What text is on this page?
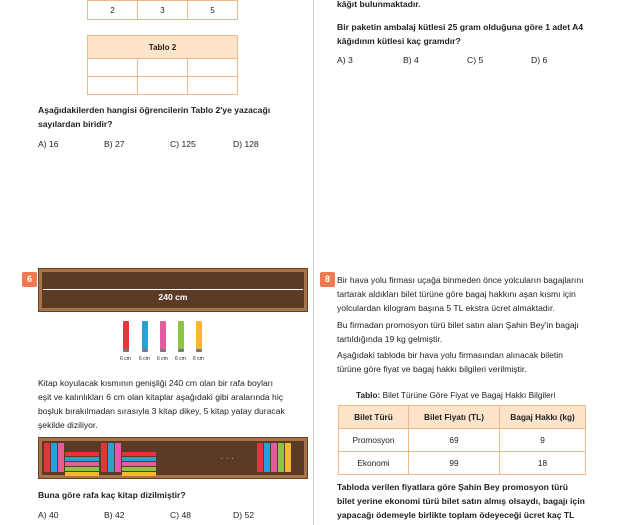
2	3	5
Tablo 2		

Aşağıdakilerden hangisi öğrencilerin Tablo 2'ye yazacağı
sayılardan biridir?
A) 16	B) 27	C) 125	D) 128
6
240 cm
6 cm 6 cm 6 cm 6 cm 6 cm
Kitap koyulacak kısmının genişliği 240 cm olan bir rafa boyları
eşit ve kalınlıkları 6 cm olan kitaplar aşağıdaki gibi aralarında hiç
boşluk bırakılmadan sırasıyla 3 kitap dikey, 5 kitap yatay duracak
şekilde diziliyor.
. . .
Buna göre rafa kaç kitap dizilmiştir?
A) 40	B) 42	C) 48	D) 52
kâğıt bulunmaktadır.
Bir paketin ambalaj kütlesi 25 gram olduğuna göre 1 adet A4
kâğıdının kütlesi kaç gramdır?
A) 3	B) 4	C) 5	D) 6
8 Bir hava yolu firması uçağa binmeden önce yolcuların bagajlarını
tartarak aldıkları bilet türüne göre bagaj hakkını aşan kısmı için
yolculardan kilogram başına 5 TL ekstra ücret almaktadır.
Bu firmadan promosyon türü bilet satın alan Şahin Bey'in bagajı
tartıldığında 19 kg gelmiştir.
Aşağıdaki tabloda bir hava yolu firmasından alınacak biletin
türüne göre fiyat ve bagaj hakkı bilgileri verilmiştir.
Tablo: Bilet Türüne Göre Fiyat ve Bagaj Hakkı Bilgileri
Bilet Türü	Bilet Fiyatı (TL)	Bagaj Hakkı (kg)
Promosyon	69	9
Ekonomi	99	18
Tabloda verilen fiyatlara göre Şahin Bey promosyon türü
bilet yerine ekonomi türü bilet satın almış olsaydı, bagajı için
yapacağı ödemeyle birlikte toplam ödeyeceği ücret kaç TL
